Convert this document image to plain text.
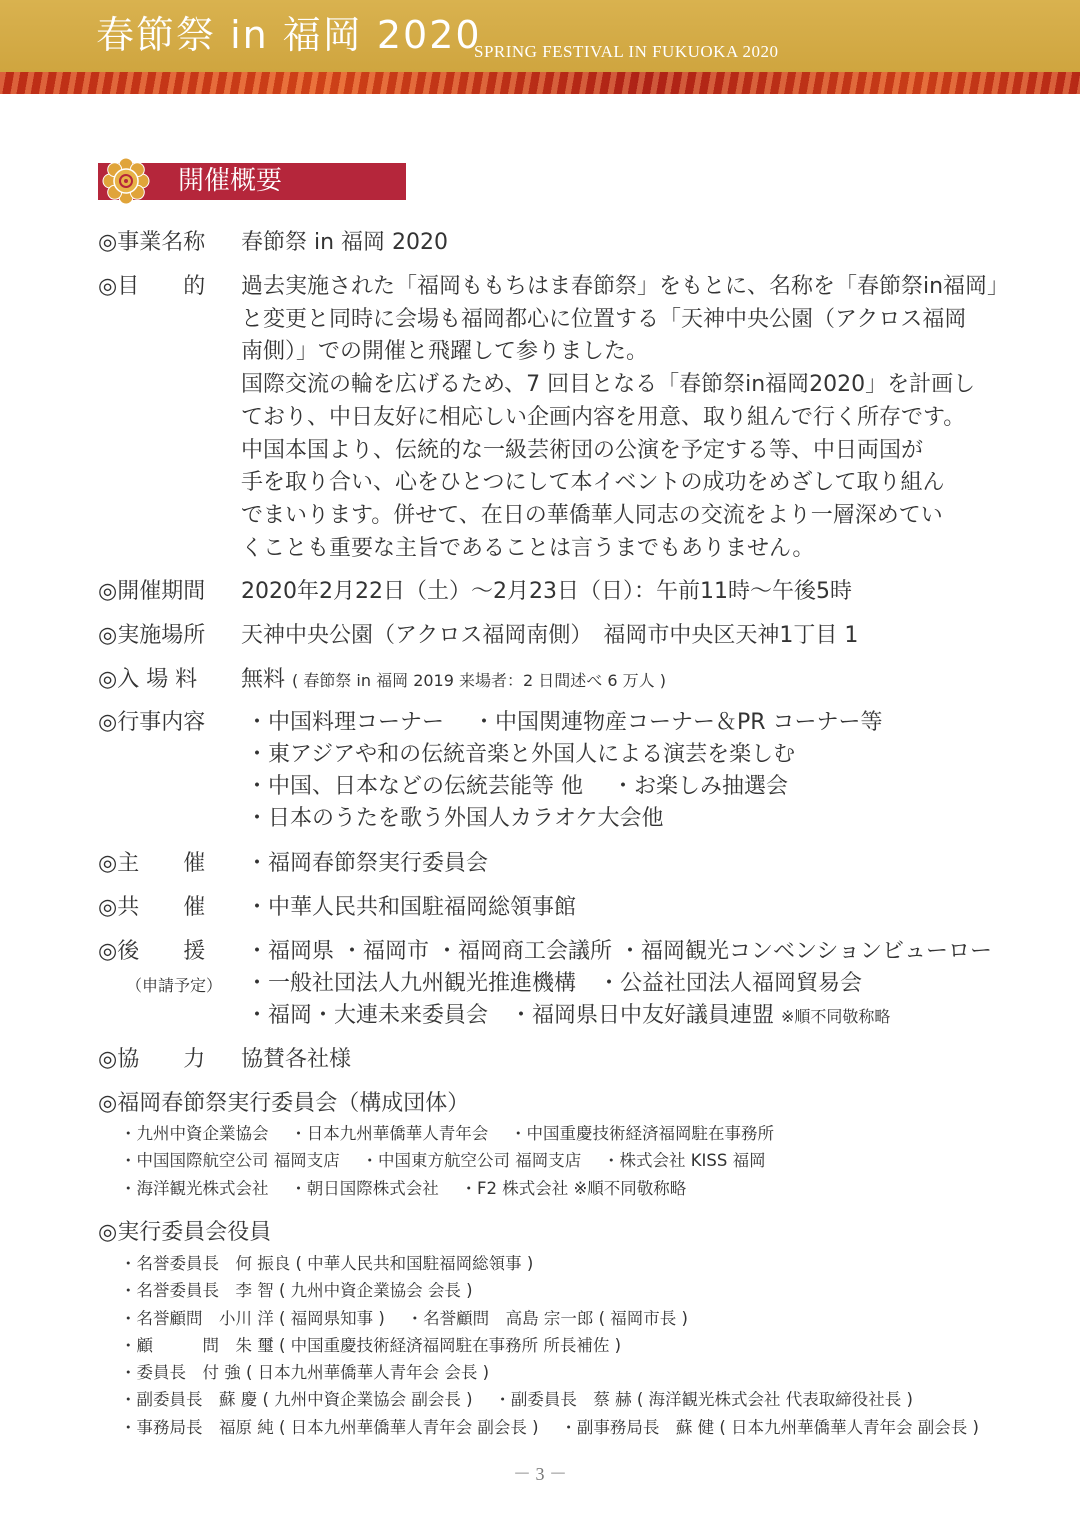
春節祭 in 福岡 2020
SPRING FESTIVAL IN FUKUOKA 2020
開催概要
◎事業名称 春節祭 in 福岡 2020
◎目　　的 過去実施された「福岡ももちはま春節祭」をもとに、名称を「春節祭in福岡」
と変更と同時に会場も福岡都心に位置する「天神中央公園（アクロス福岡
南側）」での開催と飛躍して参りました。
国際交流の輪を広げるため、7 回目となる「春節祭in福岡2020」を計画し
ており、中日友好に相応しい企画内容を用意、取り組んで行く所存です。
中国本国より、伝統的な一級芸術団の公演を予定する等、中日両国が
手を取り合い、心をひとつにして本イベントの成功をめざして取り組ん
でまいります。併せて、在日の華僑華人同志の交流をより一層深めてい
くことも重要な主旨であることは言うまでもありません。
◎開催期間 2020年2月22日（土）～2月23日（日）：午前11時～午後5時
◎実施場所 天神中央公園（アクロス福岡南側）　福岡市中央区天神1丁目 1
◎入 場 料 無料 ( 春節祭 in 福岡 2019 来場者：2 日間述べ 6 万人 )
◎行事内容 ・中国料理コーナー　 ・中国関連物産コーナー＆PR コーナー等
・東アジアや和の伝統音楽と外国人による演芸を楽しむ
・中国、日本などの伝統芸能等 他　 ・お楽しみ抽選会
・日本のうたを歌う外国人カラオケ大会他
◎主　　催 ・福岡春節祭実行委員会
◎共　　催 ・中華人民共和国駐福岡総領事館
◎後　　援
（申請予定）
・福岡県 ・福岡市 ・福岡商工会議所 ・福岡観光コンベンションビューロー
・一般社団法人九州観光推進機構　・公益社団法人福岡貿易会
・福岡・大連未来委員会　・福岡県日中友好議員連盟 ※順不同敬称略
◎協　　力 協賛各社様
◎福岡春節祭実行委員会（構成団体）
・九州中資企業協会　 ・日本九州華僑華人青年会　 ・中国重慶技術経済福岡駐在事務所
・中国国際航空公司 福岡支店　 ・中国東方航空公司 福岡支店　 ・株式会社 KISS 福岡
・海洋観光株式会社　 ・朝日国際株式会社　 ・F2 株式会社 ※順不同敬称略
◎実行委員会役員
・名誉委員長　何 振良 ( 中華人民共和国駐福岡総領事 )
・名誉委員長　李 智 ( 九州中資企業協会 会長 )
・名誉顧問　小川 洋 ( 福岡県知事 )　 ・名誉顧問　高島 宗一郎 ( 福岡市長 )
・顧　　　問　朱 璽 ( 中国重慶技術経済福岡駐在事務所 所長補佐 )
・委員長　付 強 ( 日本九州華僑華人青年会 会長 )
・副委員長　蘇 慶 ( 九州中資企業協会 副会長 )　 ・副委員長　蔡 赫 ( 海洋観光株式会社 代表取締役社長 )
・事務局長　福原 純 ( 日本九州華僑華人青年会 副会長 )　 ・副事務局長　蘇 健 ( 日本九州華僑華人青年会 副会長 )
－ 3 －
